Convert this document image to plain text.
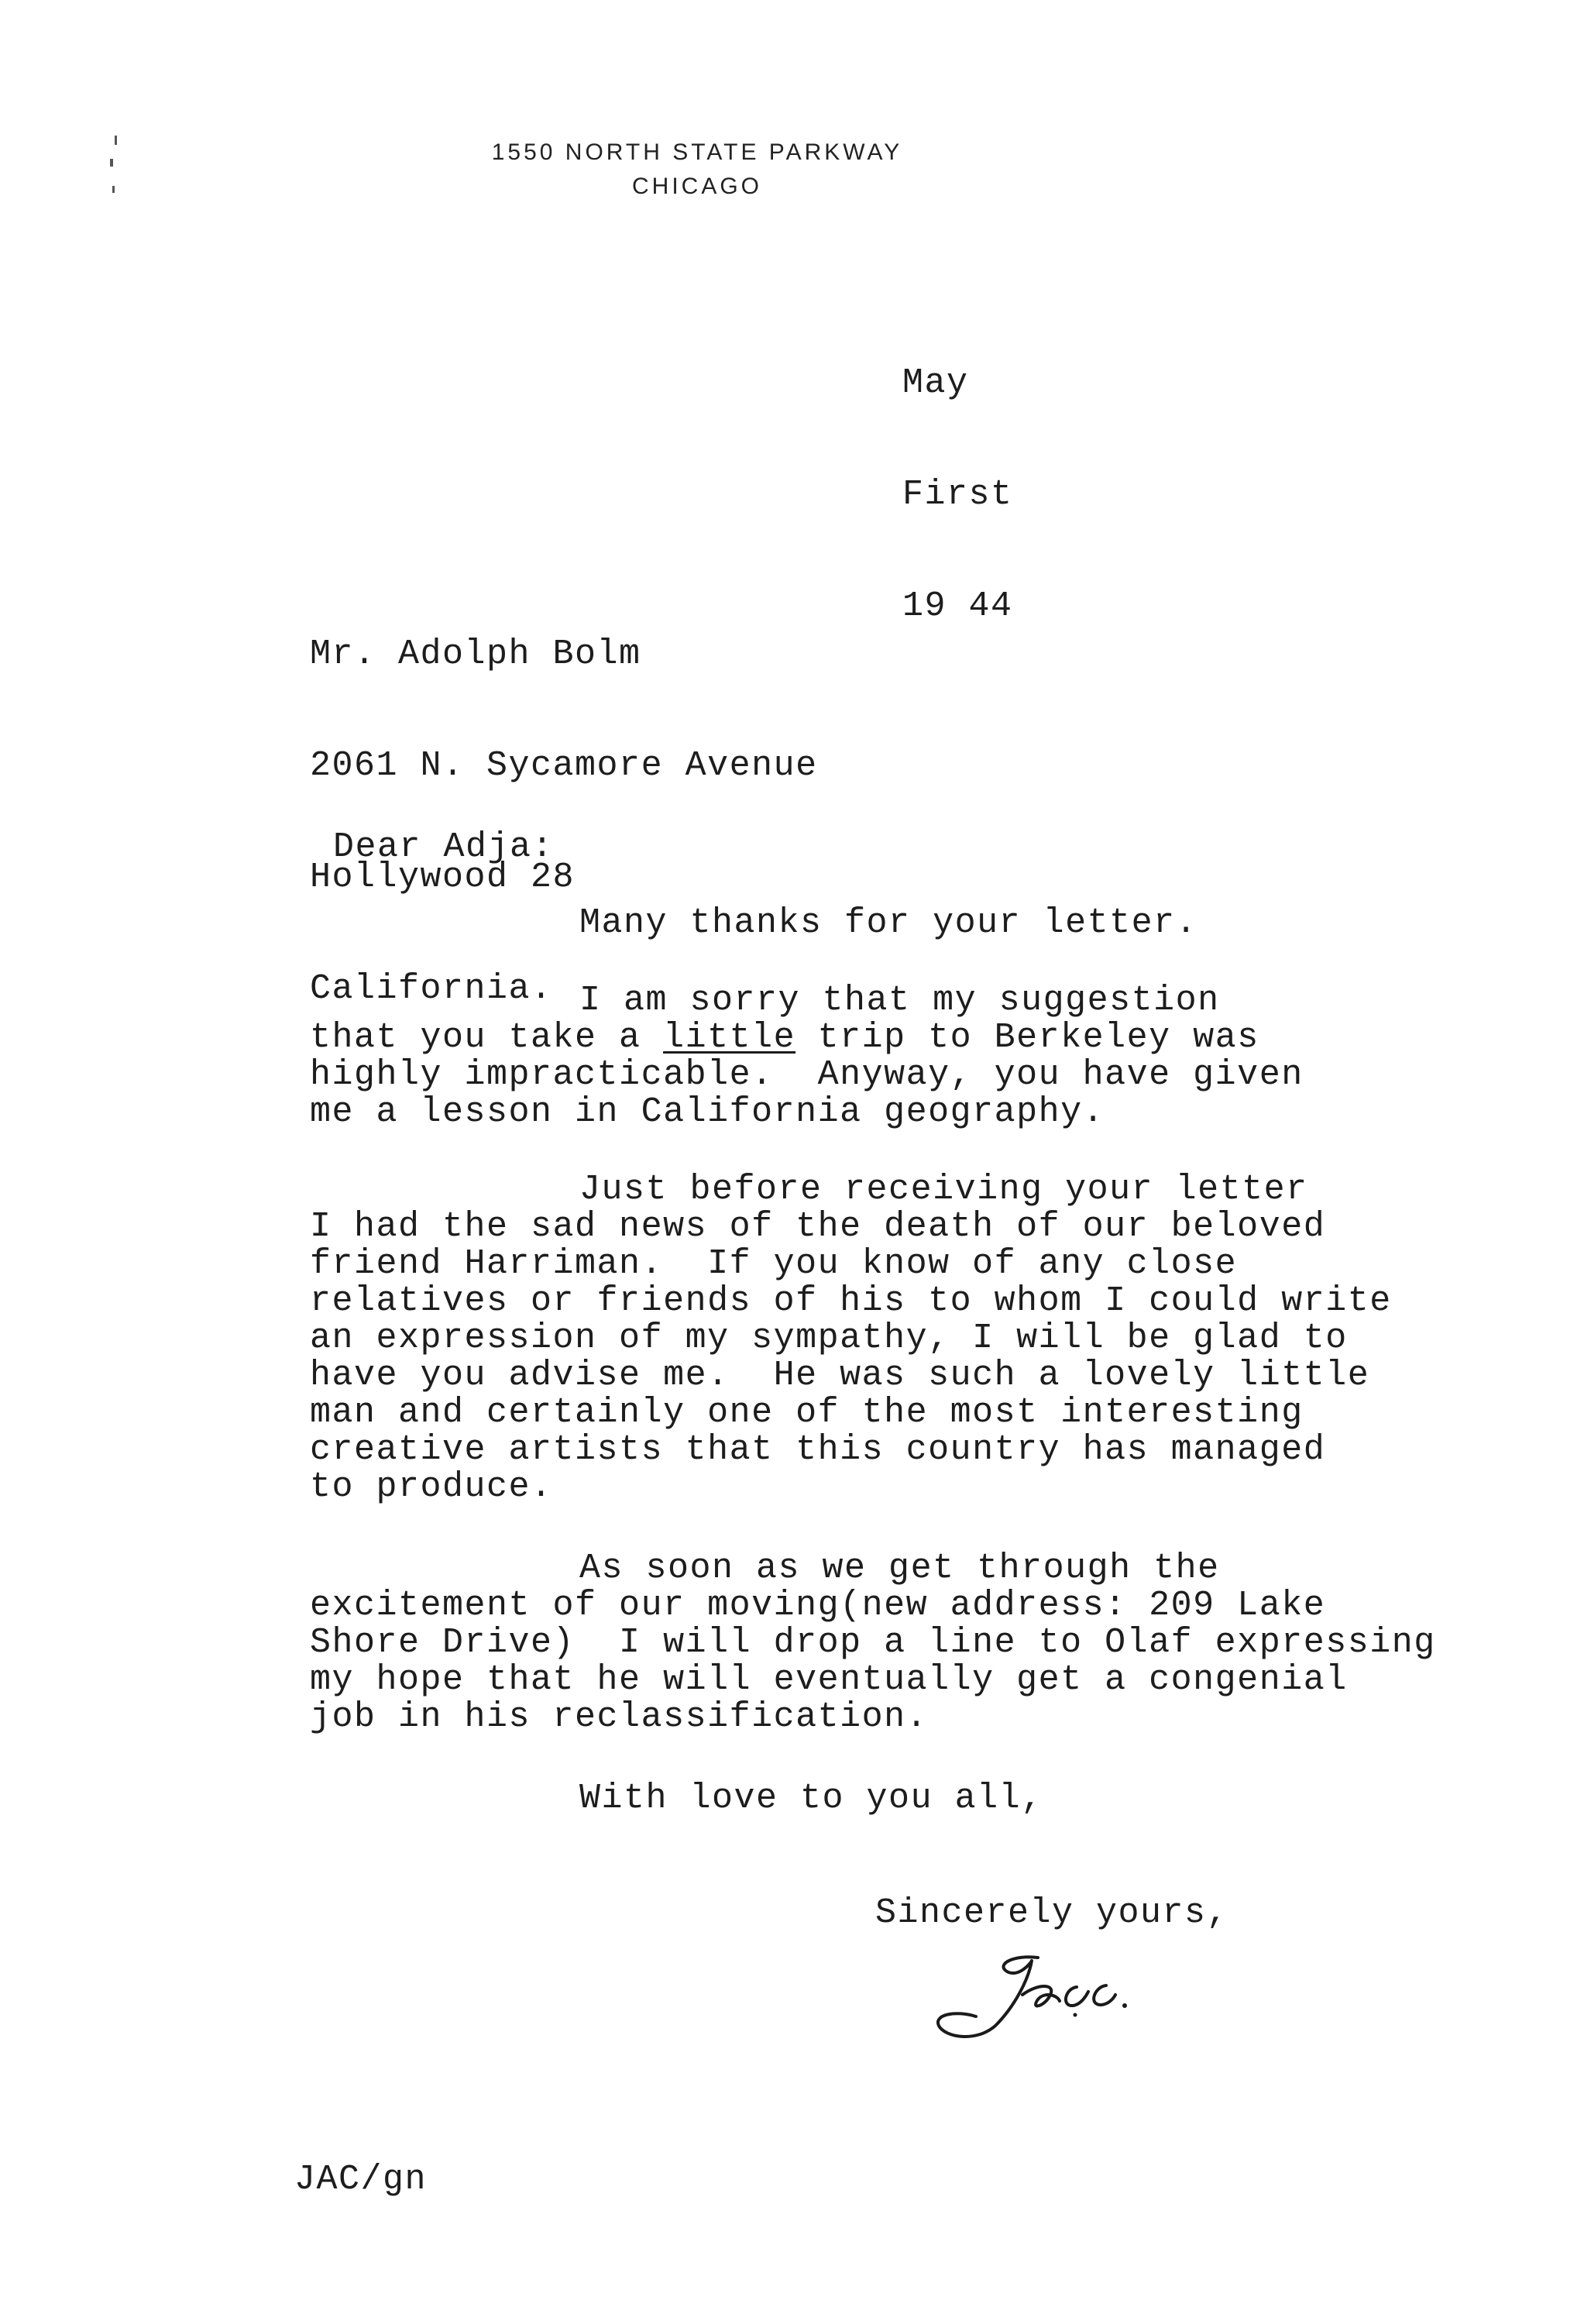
1550 NORTH STATE PARKWAY
CHICAGO

May

First

19 44

Mr. Adolph Bolm

2061 N. Sycamore Avenue

Hollywood 28

California.

Dear Adja:
Many thanks for your letter.
I am sorry that my suggestion
that you take a little trip to Berkeley was
highly impracticable.  Anyway, you have given
me a lesson in California geography.
Just before receiving your letter
I had the sad news of the death of our beloved
friend Harriman.  If you know of any close
relatives or friends of his to whom I could write
an expression of my sympathy, I will be glad to
have you advise me.  He was such a lovely little
man and certainly one of the most interesting
creative artists that this country has managed
to produce.
As soon as we get through the
excitement of our moving(new address: 209 Lake
Shore Drive)  I will drop a line to Olaf expressing
my hope that he will eventually get a congenial
job in his reclassification.
With love to you all,
Sincerely yours,
JAC/gn
